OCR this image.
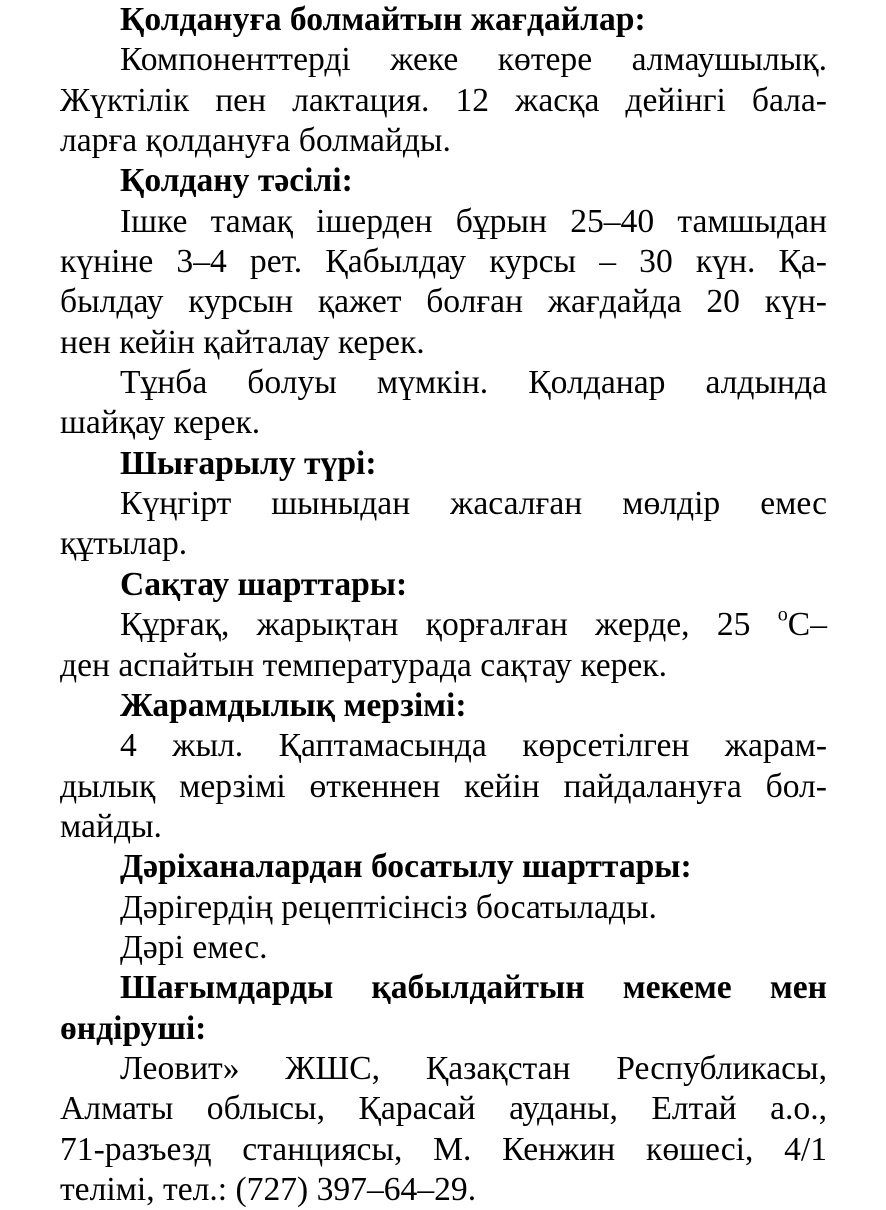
Қолдануға болмайтын жағдайлар:
Компоненттерді жеке көтере алмаушылық.
Жүктілік пен лактация. 12 жасқа дейінгі бала-
ларға қолдануға болмайды.
Қолдану тәсілі:
Ішке тамақ ішерден бұрын 25–40 тамшыдан
күніне 3–4 рет. Қабылдау курсы – 30 күн. Қа-
былдау курсын қажет болған жағдайда 20 күн-
нен кейін қайталау керек.
Тұнба болуы мүмкін. Қолданар алдында
шайқау керек.
Шығарылу түрі:
Күңгірт шыныдан жасалған мөлдір емес
құтылар.
Сақтау шарттары:
Құрғақ, жарықтан қорғалған жерде, 25 $^o$С–
ден аспайтын температурада сақтау керек.
Жарамдылық мерзімі:
4 жыл. Қаптамасында көрсетілген жарам-
дылық мерзімі өткеннен кейін пайдалануға бол-
майды.
Дәріханалардан босатылу шарттары:
Дәрігердің рецептісінсіз босатылады.
Дәрі емес.
Шағымдарды қабылдайтын мекеме мен
өндіруші:
Леовит» ЖШС, Қазақстан Республикасы,
Алматы облысы, Қарасай ауданы, Елтай а.о.,
71-разъезд станциясы, М. Кенжин көшесі, 4/1
телімі, тел.: (727) 397–64–29.
